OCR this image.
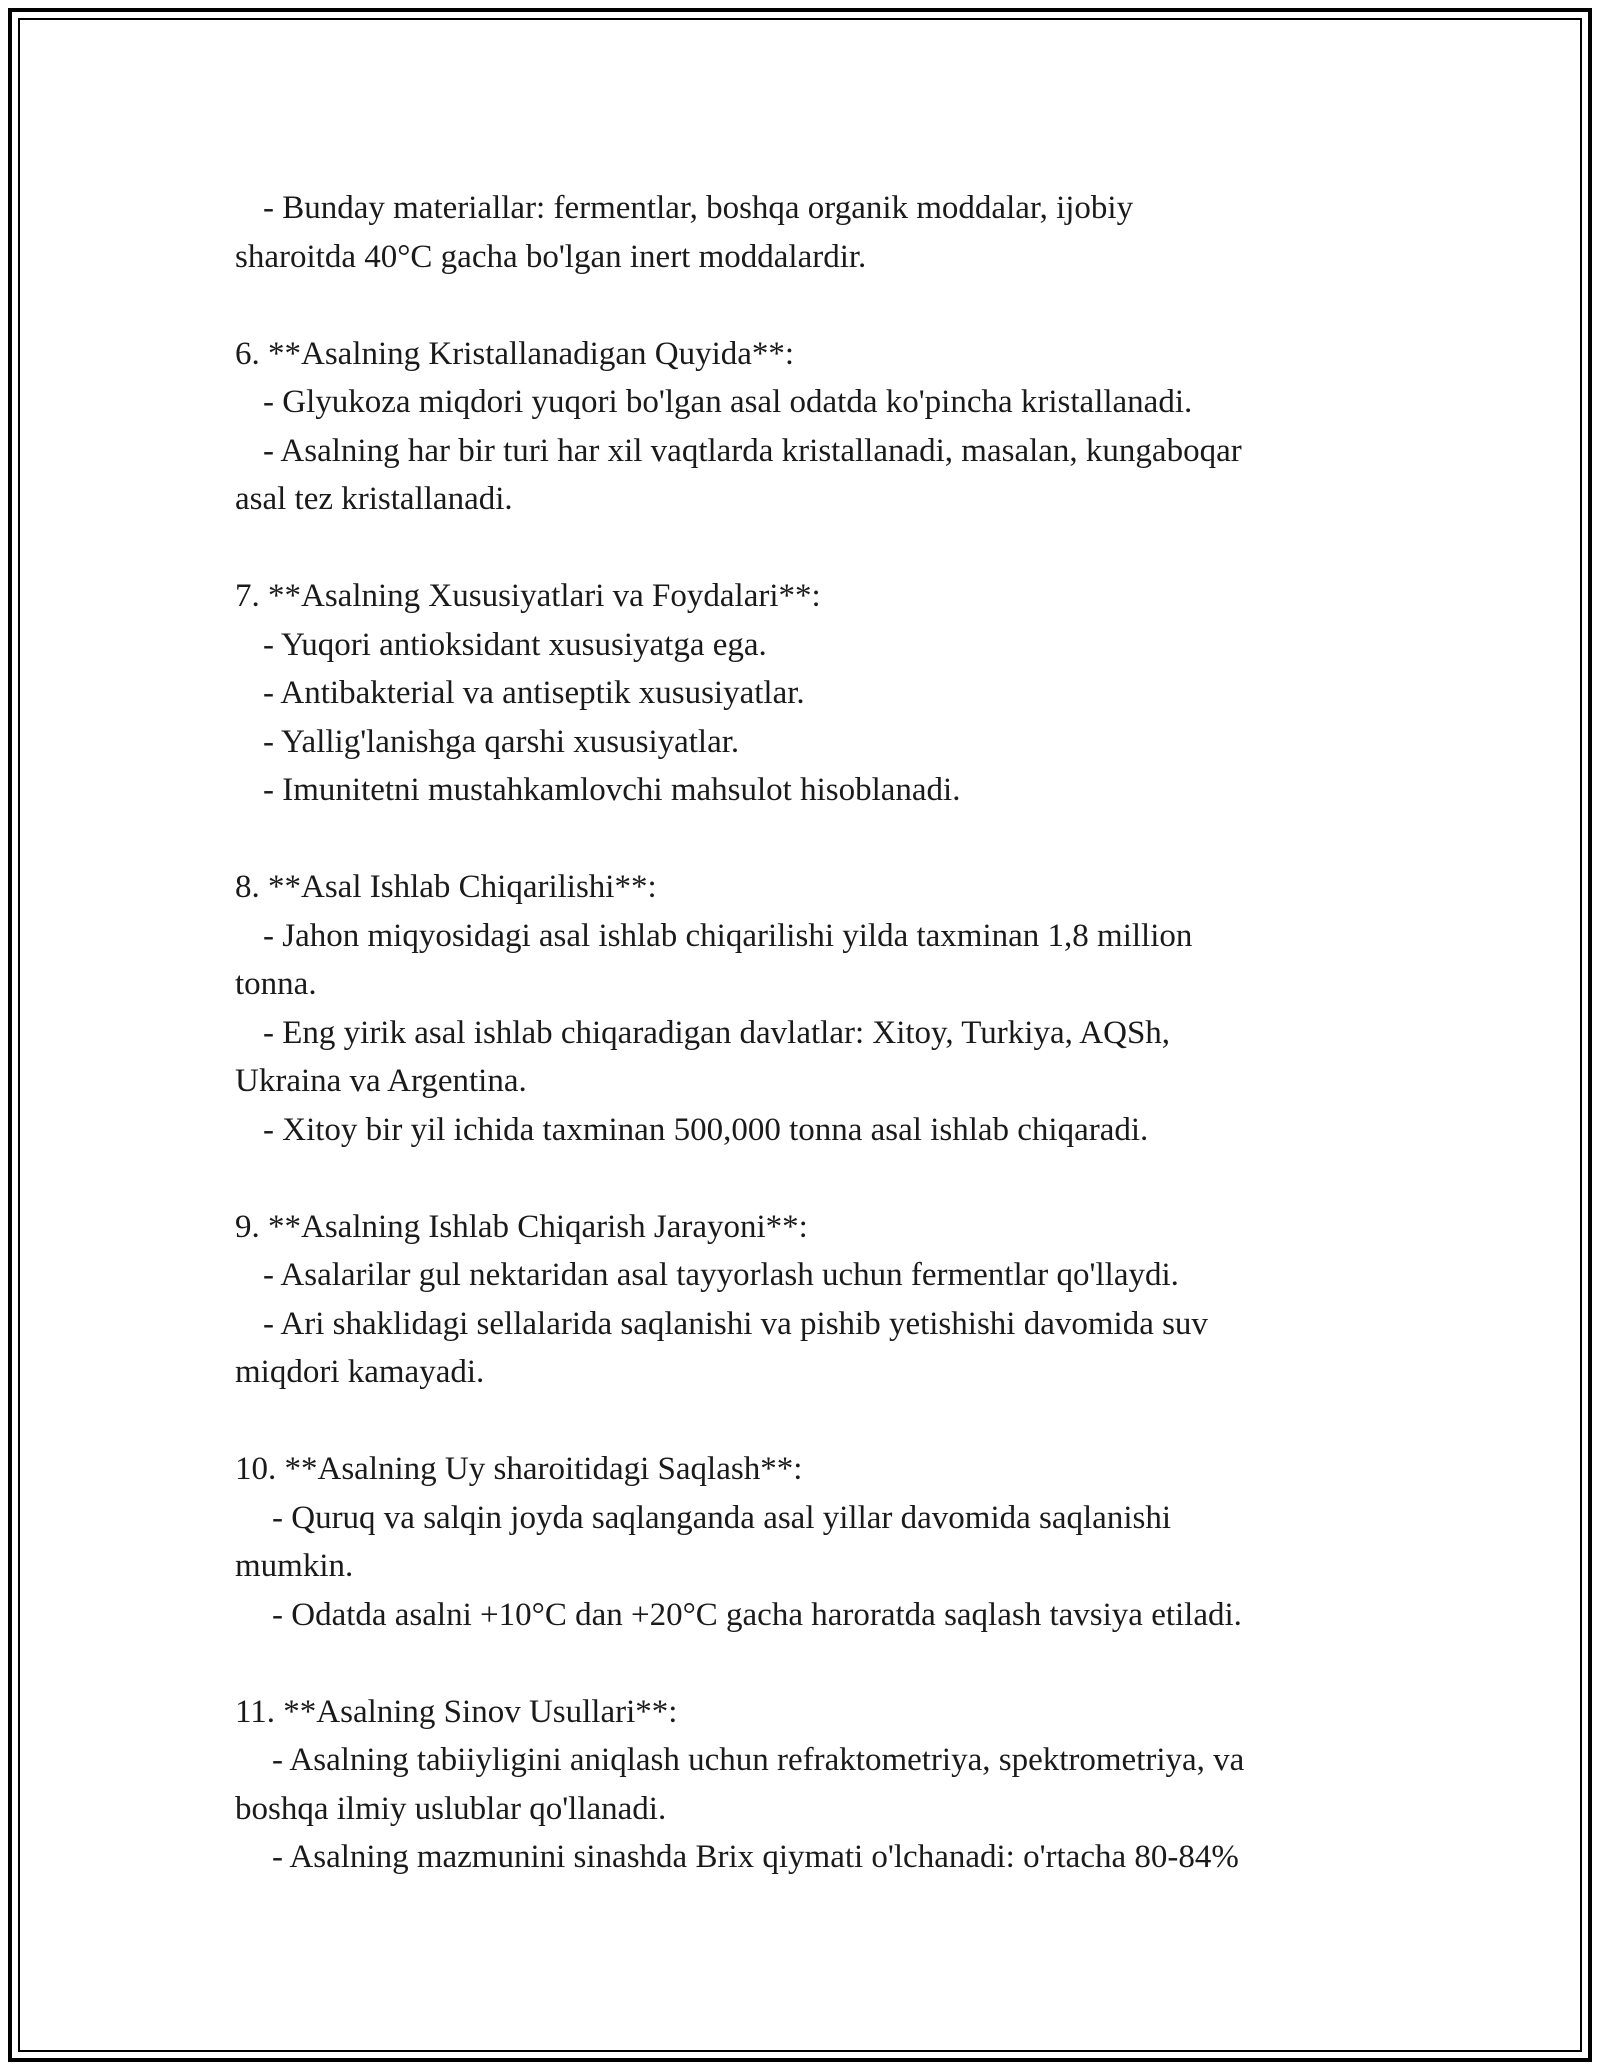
- Bunday materiallar: fermentlar, boshqa organik moddalar, ijobiy

sharoitda 40°C gacha bo'lgan inert moddalardir.

6. **Asalning Kristallanadigan Quyida**:

- Glyukoza miqdori yuqori bo'lgan asal odatda ko'pincha kristallanadi.

- Asalning har bir turi har xil vaqtlarda kristallanadi, masalan, kungaboqar

asal tez kristallanadi.

7. **Asalning Xususiyatlari va Foydalari**:

- Yuqori antioksidant xususiyatga ega.

- Antibakterial va antiseptik xususiyatlar.

- Yallig'lanishga qarshi xususiyatlar.

- Imunitetni mustahkamlovchi mahsulot hisoblanadi.

8. **Asal Ishlab Chiqarilishi**:

- Jahon miqyosidagi asal ishlab chiqarilishi yilda taxminan 1,8 million

tonna.

- Eng yirik asal ishlab chiqaradigan davlatlar: Xitoy, Turkiya, AQSh,

Ukraina va Argentina.

- Xitoy bir yil ichida taxminan 500,000 tonna asal ishlab chiqaradi.

9. **Asalning Ishlab Chiqarish Jarayoni**:

- Asalarilar gul nektaridan asal tayyorlash uchun fermentlar qo'llaydi.

- Ari shaklidagi sellalarida saqlanishi va pishib yetishishi davomida suv

miqdori kamayadi.

10. **Asalning Uy sharoitidagi Saqlash**:

- Quruq va salqin joyda saqlanganda asal yillar davomida saqlanishi

mumkin.

- Odatda asalni +10°C dan +20°C gacha haroratda saqlash tavsiya etiladi.

11. **Asalning Sinov Usullari**:

- Asalning tabiiyligini aniqlash uchun refraktometriya, spektrometriya, va

boshqa ilmiy uslublar qo'llanadi.

- Asalning mazmunini sinashda Brix qiymati o'lchanadi: o'rtacha 80-84%
